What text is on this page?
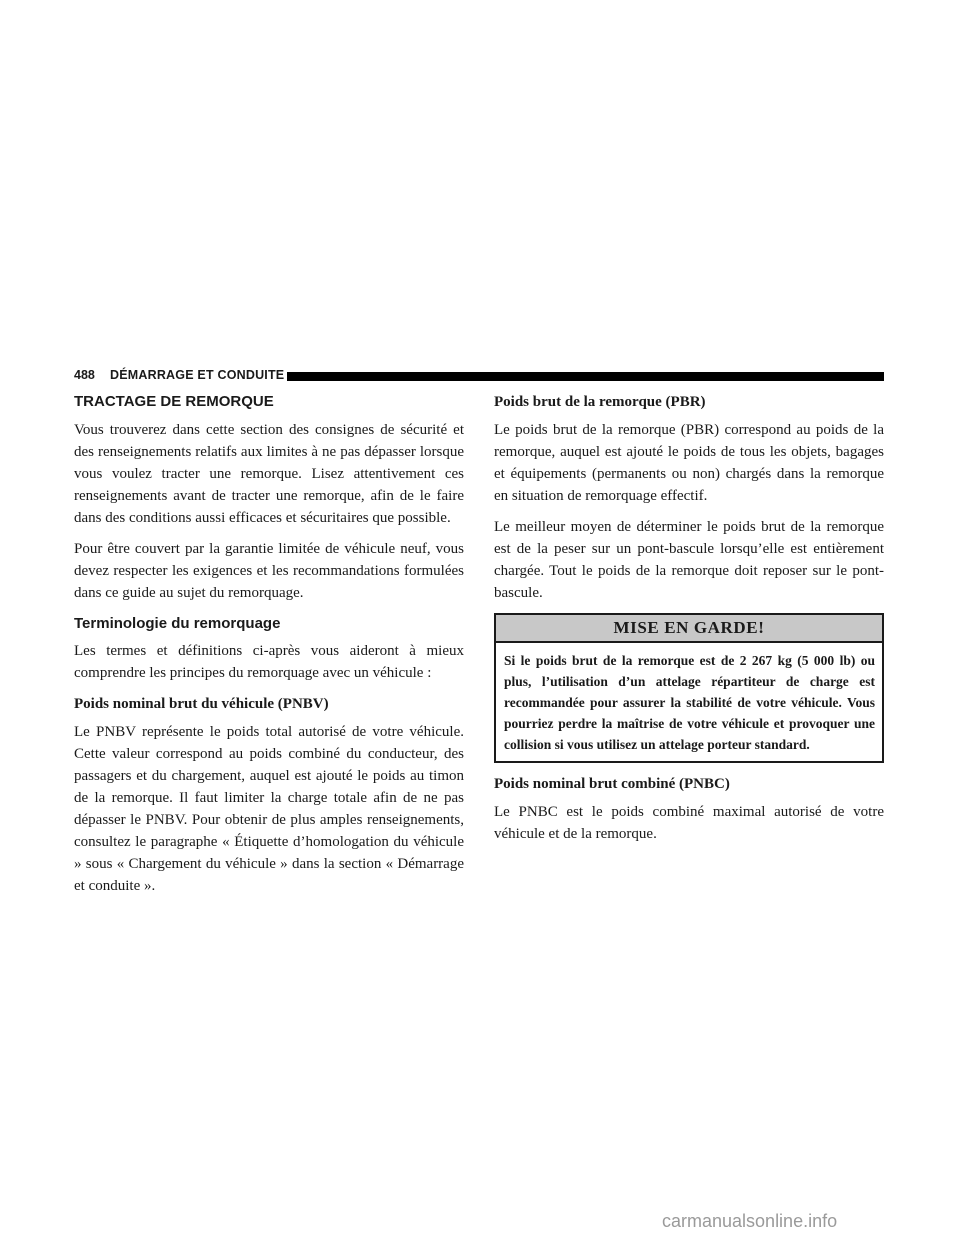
488 DÉMARRAGE ET CONDUITE
TRACTAGE DE REMORQUE

Vous trouverez dans cette section des consignes de sécurité et des renseignements relatifs aux limites à ne pas dépasser lorsque vous voulez tracter une remorque. Lisez attentivement ces renseignements avant de tracter une remorque, afin de le faire dans des conditions aussi efficaces et sécuritaires que possible.

Pour être couvert par la garantie limitée de véhicule neuf, vous devez respecter les exigences et les recommandations formulées dans ce guide au sujet du remorquage.

Terminologie du remorquage

Les termes et définitions ci-après vous aideront à mieux comprendre les principes du remorquage avec un véhicule :

Poids nominal brut du véhicule (PNBV)

Le PNBV représente le poids total autorisé de votre véhicule. Cette valeur correspond au poids combiné du conducteur, des passagers et du chargement, auquel est ajouté le poids au timon de la remorque. Il faut limiter la charge totale afin de ne pas dépasser le PNBV. Pour obtenir de plus amples renseignements, consultez le paragraphe « Étiquette d’homologation du véhicule » sous « Chargement du véhicule » dans la section « Démarrage et conduite ».

Poids brut de la remorque (PBR)

Le poids brut de la remorque (PBR) correspond au poids de la remorque, auquel est ajouté le poids de tous les objets, bagages et équipements (permanents ou non) chargés dans la remorque en situation de remorquage effectif.

Le meilleur moyen de déterminer le poids brut de la remorque est de la peser sur un pont-bascule lorsqu’elle est entièrement chargée. Tout le poids de la remorque doit reposer sur le pont-bascule.

MISE EN GARDE!
Si le poids brut de la remorque est de 2 267 kg (5 000 lb) ou plus, l’utilisation d’un attelage répartiteur de charge est recommandée pour assurer la stabilité de votre véhicule. Vous pourriez perdre la maîtrise de votre véhicule et provoquer une collision si vous utilisez un attelage porteur standard.
Poids nominal brut combiné (PNBC)

Le PNBC est le poids combiné maximal autorisé de votre véhicule et de la remorque.

carmanualsonline.info
